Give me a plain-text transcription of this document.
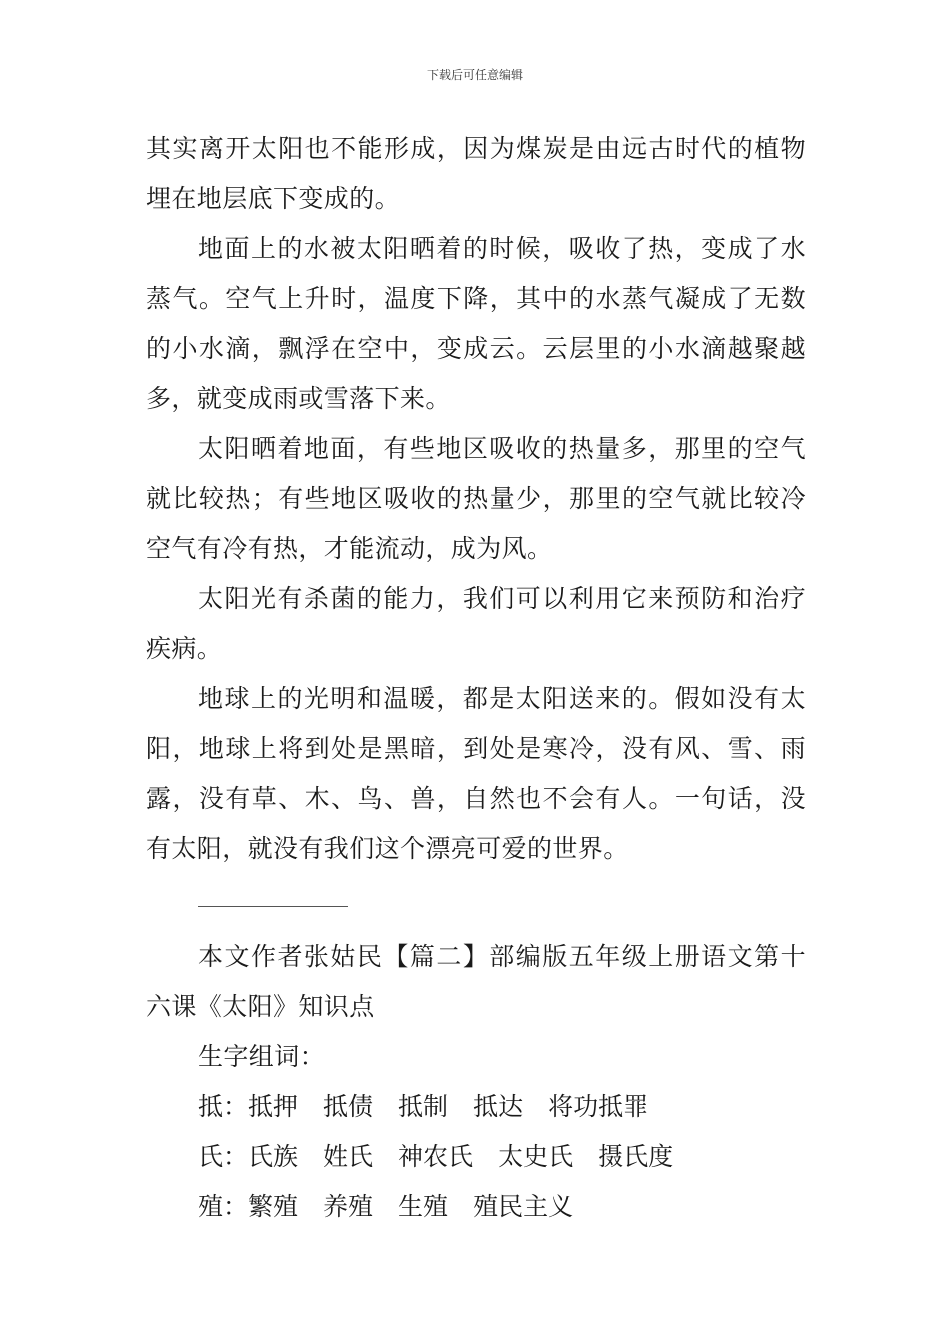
下载后可任意编辑

其实离开太阳也不能形成，因为煤炭是由远古时代的植物埋在地层底下变成的。

地面上的水被太阳晒着的时候，吸收了热，变成了水蒸气。空气上升时，温度下降，其中的水蒸气凝成了无数的小水滴，飘浮在空中，变成云。云层里的小水滴越聚越多，就变成雨或雪落下来。

太阳晒着地面，有些地区吸收的热量多，那里的空气就比较热；有些地区吸收的热量少，那里的空气就比较冷空气有冷有热，才能流动，成为风。

太阳光有杀菌的能力，我们可以利用它来预防和治疗疾病。

地球上的光明和温暖，都是太阳送来的。假如没有太阳，地球上将到处是黑暗，到处是寒冷，没有风、雪、雨露，没有草、木、鸟、兽，自然也不会有人。一句话，没有太阳，就没有我们这个漂亮可爱的世界。

本文作者张姑民【篇二】部编版五年级上册语文第十六课《太阳》知识点

生字组词：

抵：抵押 抵债 抵制 抵达 将功抵罪

氏：氏族 姓氏 神农氏 太史氏 摄氏度

殖：繁殖 养殖 生殖 殖民主义
